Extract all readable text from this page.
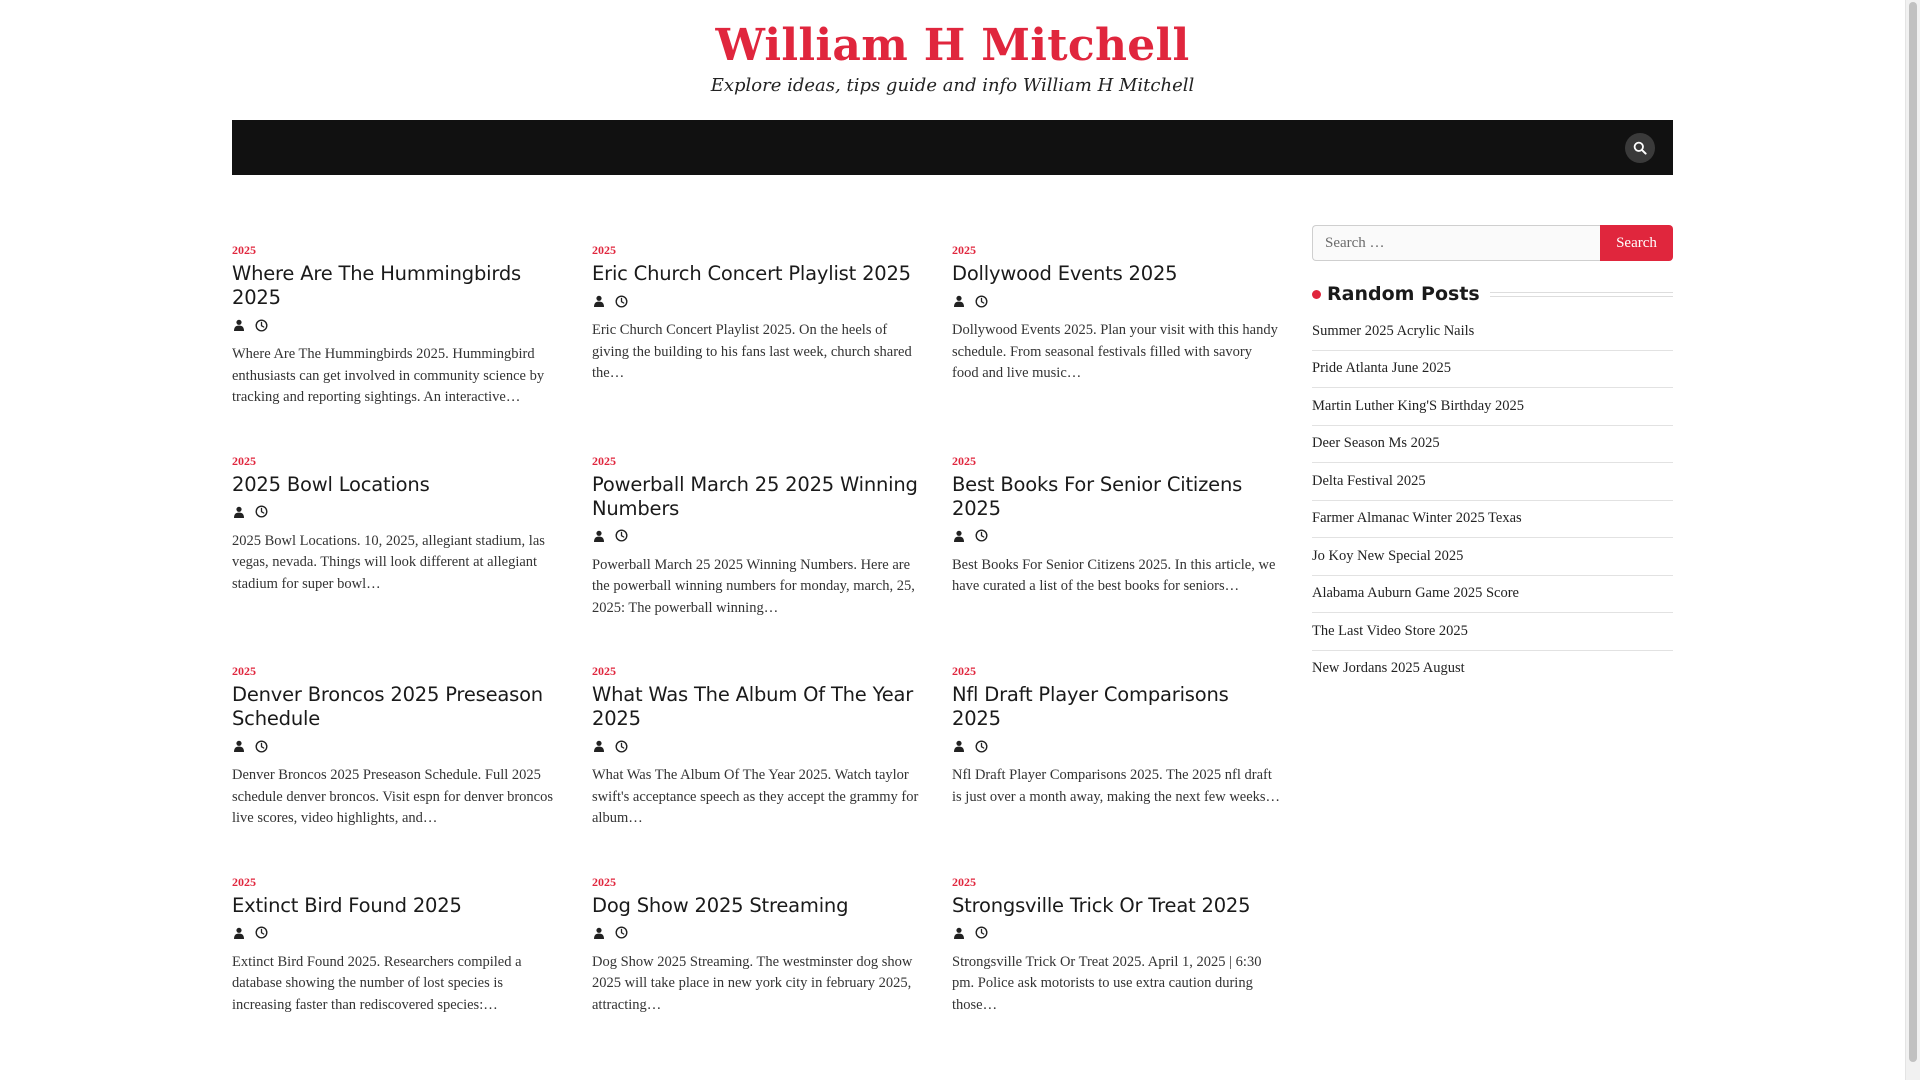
William H Mitchell

Explore ideas, tips guide and info William H Mitchell

2025
Where Are The Hummingbirds 2025

Where Are The Hummingbirds 2025. Hummingbird enthusiasts can get involved in community science by tracking and reporting sightings. An interactive…

2025
Eric Church Concert Playlist 2025

Eric Church Concert Playlist 2025. On the heels of giving the building to his fans last week, church shared the…

2025
Dollywood Events 2025

Dollywood Events 2025. Plan your visit with this handy schedule. From seasonal festivals filled with savory food and live music…

2025
2025 Bowl Locations

2025 Bowl Locations. 10, 2025, allegiant stadium, las vegas, nevada. Things will look different at allegiant stadium for super bowl…

2025
Powerball March 25 2025 Winning Numbers

Powerball March 25 2025 Winning Numbers. Here are the powerball winning numbers for monday, march, 25, 2025: The powerball winning…

2025
Best Books For Senior Citizens 2025

Best Books For Senior Citizens 2025. In this article, we have curated a list of the best books for seniors…

2025
Denver Broncos 2025 Preseason Schedule

Denver Broncos 2025 Preseason Schedule. Full 2025 schedule denver broncos. Visit espn for denver broncos live scores, video highlights, and…

2025
What Was The Album Of The Year 2025

What Was The Album Of The Year 2025. Watch taylor swift's acceptance speech as they accept the grammy for album…

2025
Nfl Draft Player Comparisons 2025

Nfl Draft Player Comparisons 2025. The 2025 nfl draft is just over a month away, making the next few weeks…

2025
Extinct Bird Found 2025

Extinct Bird Found 2025. Researchers compiled a database showing the number of lost species is increasing faster than rediscovered species:…

2025
Dog Show 2025 Streaming

Dog Show 2025 Streaming. The westminster dog show 2025 will take place in new york city in february 2025, attracting…

2025
Strongsville Trick Or Treat 2025

Strongsville Trick Or Treat 2025. April 1, 2025 | 6:30 pm. Police ask motorists to use extra caution during those…

Search …
Search
Random Posts
Summer 2025 Acrylic Nails
Pride Atlanta June 2025
Martin Luther King'S Birthday 2025
Deer Season Ms 2025
Delta Festival 2025
Farmer Almanac Winter 2025 Texas
Jo Koy New Special 2025
Alabama Auburn Game 2025 Score
The Last Video Store 2025
New Jordans 2025 August
